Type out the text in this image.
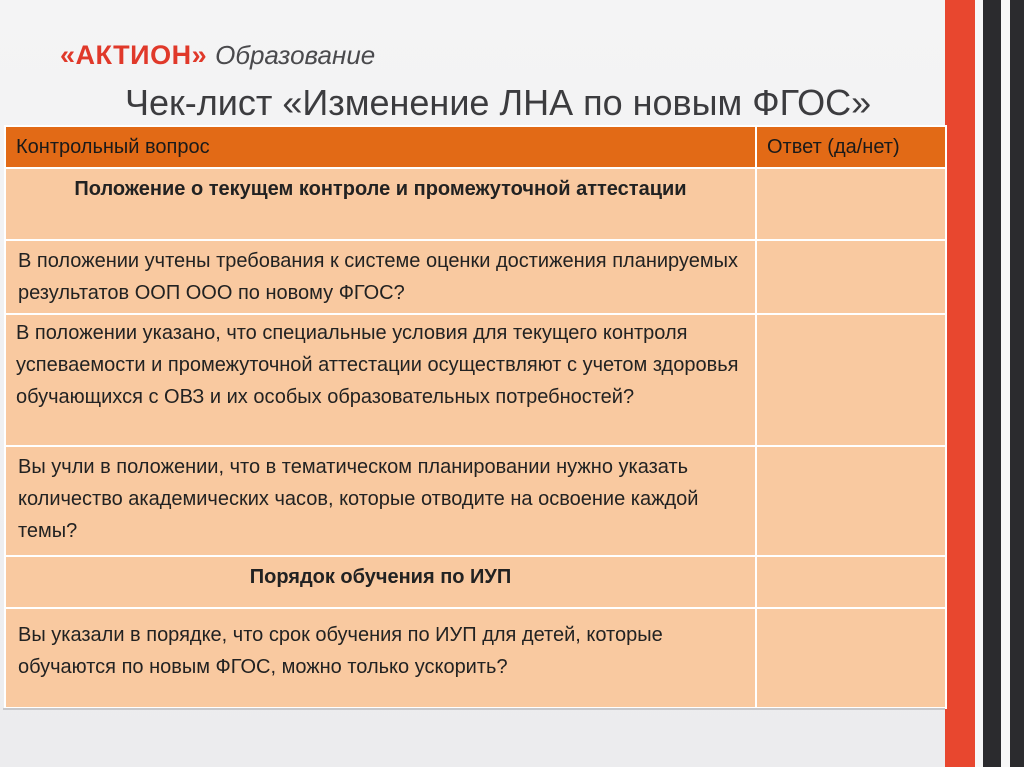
«АКТИОН» Образование
Чек-лист «Изменение ЛНА по новым ФГОС»
Контрольный вопрос	Ответ (да/нет)
Положение о текущем контроле и промежуточной аттестации	
В положении учтены требования к системе оценки достижения планируемых результатов ООП ООО по новому ФГОС?	
В положении указано, что специальные условия для текущего контроля успеваемости и промежуточной аттестации осуществляют с учетом здоровья обучающихся с ОВЗ и их особых образовательных потребностей?	
Вы учли в положении, что в тематическом планировании нужно указать количество академических часов, которые отводите на освоение каждой темы?	
Порядок обучения по ИУП	
Вы указали в порядке, что срок обучения по ИУП для детей, которые обучаются по новым ФГОС, можно только ускорить?	
